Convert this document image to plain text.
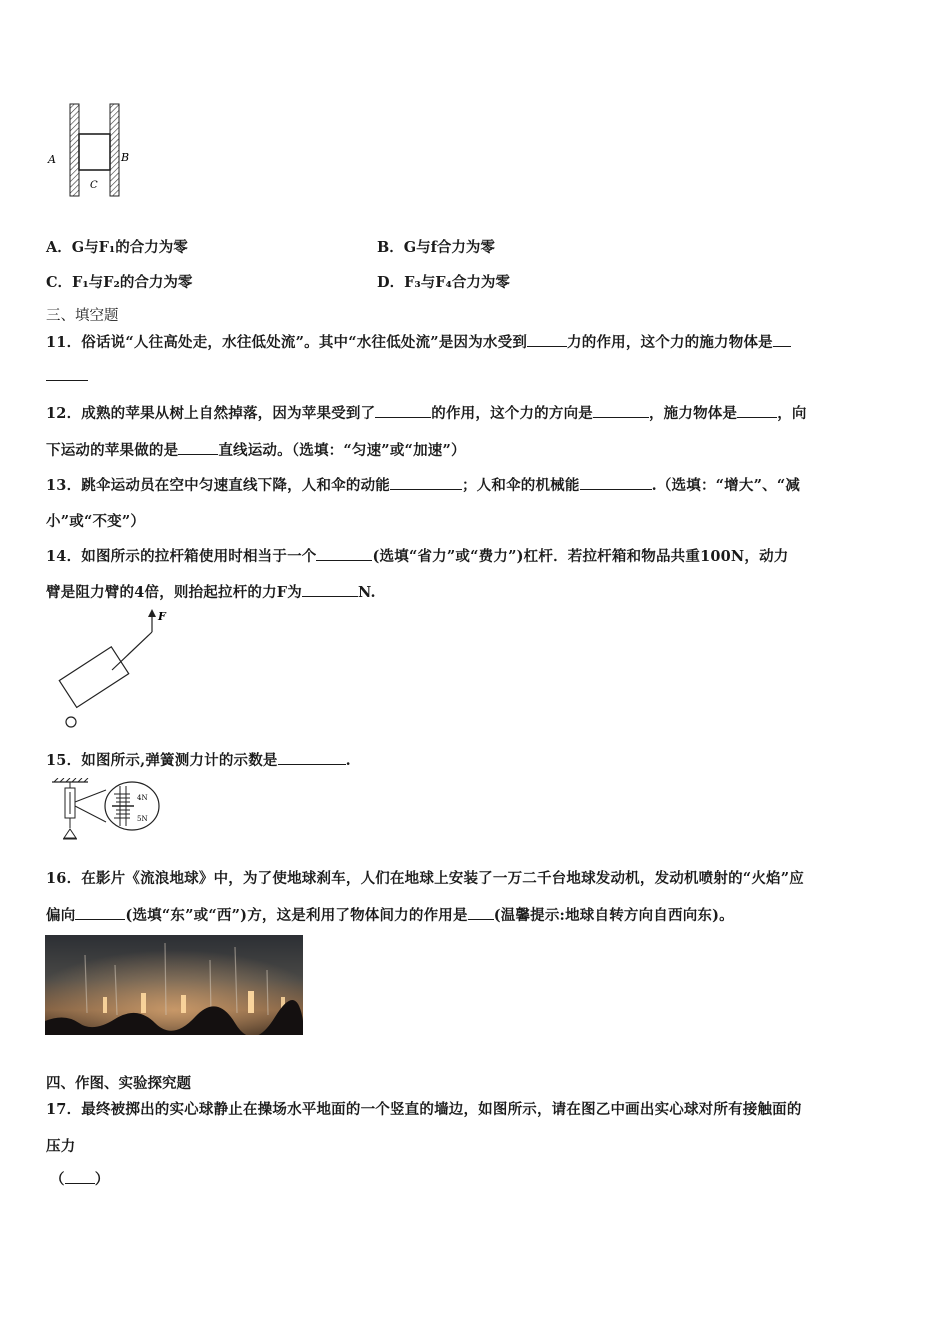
A	B
C
A．G与F₁的合力为零	B．G与f合力为零
C．F₁与F₂的合力为零	D．F₃与F₄合力为零
三、填空题
11．俗话说“人往高处走，水往低处流”。其中“水往低处流”是因为水受到	力的作用，这个力的施力物体是
12．成熟的苹果从树上自然掉落，因为苹果受到了	的作用，这个力的方向是	，施力物体是	，向
下运动的苹果做的是	直线运动。（选填：“匀速”或“加速”）
13．跳伞运动员在空中匀速直线下降，人和伞的动能	；人和伞的机械能	.（选填：“增大”、“减
小”或“不变”）
14．如图所示的拉杆箱使用时相当于一个	(选填“省力”或“费力”)杠杆．若拉杆箱和物品共重100N，动力
臂是阻力臂的4倍，则抬起拉杆的力F为	N.
F
15．如图所示,弹簧测力计的示数是	.
4N
5N
16．在影片《流浪地球》中，为了使地球刹车，人们在地球上安装了一万二千台地球发动机，发动机喷射的“火焰”应
偏向	(选填“东”或“西”)方，这是利用了物体间力的作用是 (温馨提示:地球自转方向自西向东)。
四、作图、实验探究题
17．最终被掷出的实心球静止在操场水平地面的一个竖直的墙边，如图所示，请在图乙中画出实心球对所有接触面的
压力
（ ）
